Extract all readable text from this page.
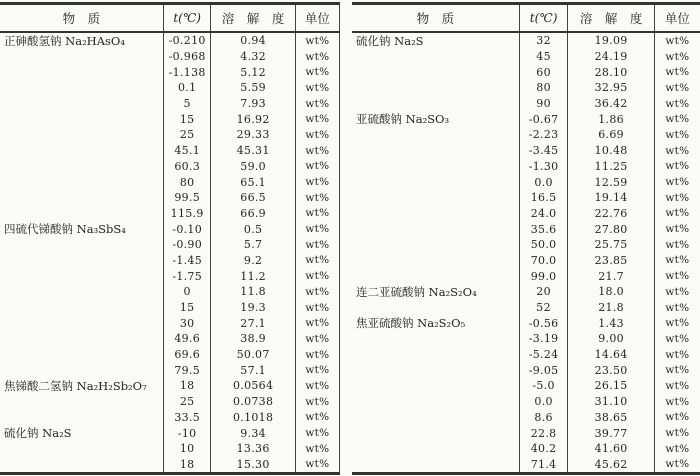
物　质	t(℃)	溶　解　度	单位
正砷酸氢钠 Na₂HAsO₄	-0.210	0.94	wt%
-0.968	4.32	wt%
-1.138	5.12	wt%
0.1	5.59	wt%
5	7.93	wt%
15	16.92	wt%
25	29.33	wt%
45.1	45.31	wt%
60.3	59.0	wt%
80	65.1	wt%
99.5	66.5	wt%
115.9	66.9	wt%
四硫代锑酸钠 Na₃SbS₄	-0.10	0.5	wt%
-0.90	5.7	wt%
-1.45	9.2	wt%
-1.75	11.2	wt%
0	11.8	wt%
15	19.3	wt%
30	27.1	wt%
49.6	38.9	wt%
69.6	50.07	wt%
79.5	57.1	wt%
焦锑酸二氢钠 Na₂H₂Sb₂O₇	18	0.0564	wt%
25	0.0738	wt%
33.5	0.1018	wt%
硫化钠 Na₂S	-10	9.34	wt%
10	13.36	wt%
18	15.30	wt%
物　质	t(℃)	溶　解　度	单位
硫化钠 Na₂S	32	19.09	wt%
45	24.19	wt%
60	28.10	wt%
80	32.95	wt%
90	36.42	wt%
亚硫酸钠 Na₂SO₃	-0.67	1.86	wt%
-2.23	6.69	wt%
-3.45	10.48	wt%
-1.30	11.25	wt%
0.0	12.59	wt%
16.5	19.14	wt%
24.0	22.76	wt%
35.6	27.80	wt%
50.0	25.75	wt%
70.0	23.85	wt%
99.0	21.7	wt%
连二亚硫酸钠 Na₂S₂O₄	20	18.0	wt%
52	21.8	wt%
焦亚硫酸钠 Na₂S₂O₅	-0.56	1.43	wt%
-3.19	9.00	wt%
-5.24	14.64	wt%
-9.05	23.50	wt%
-5.0	26.15	wt%
0.0	31.10	wt%
8.6	38.65	wt%
22.8	39.77	wt%
40.2	41.60	wt%
71.4	45.62	wt%
